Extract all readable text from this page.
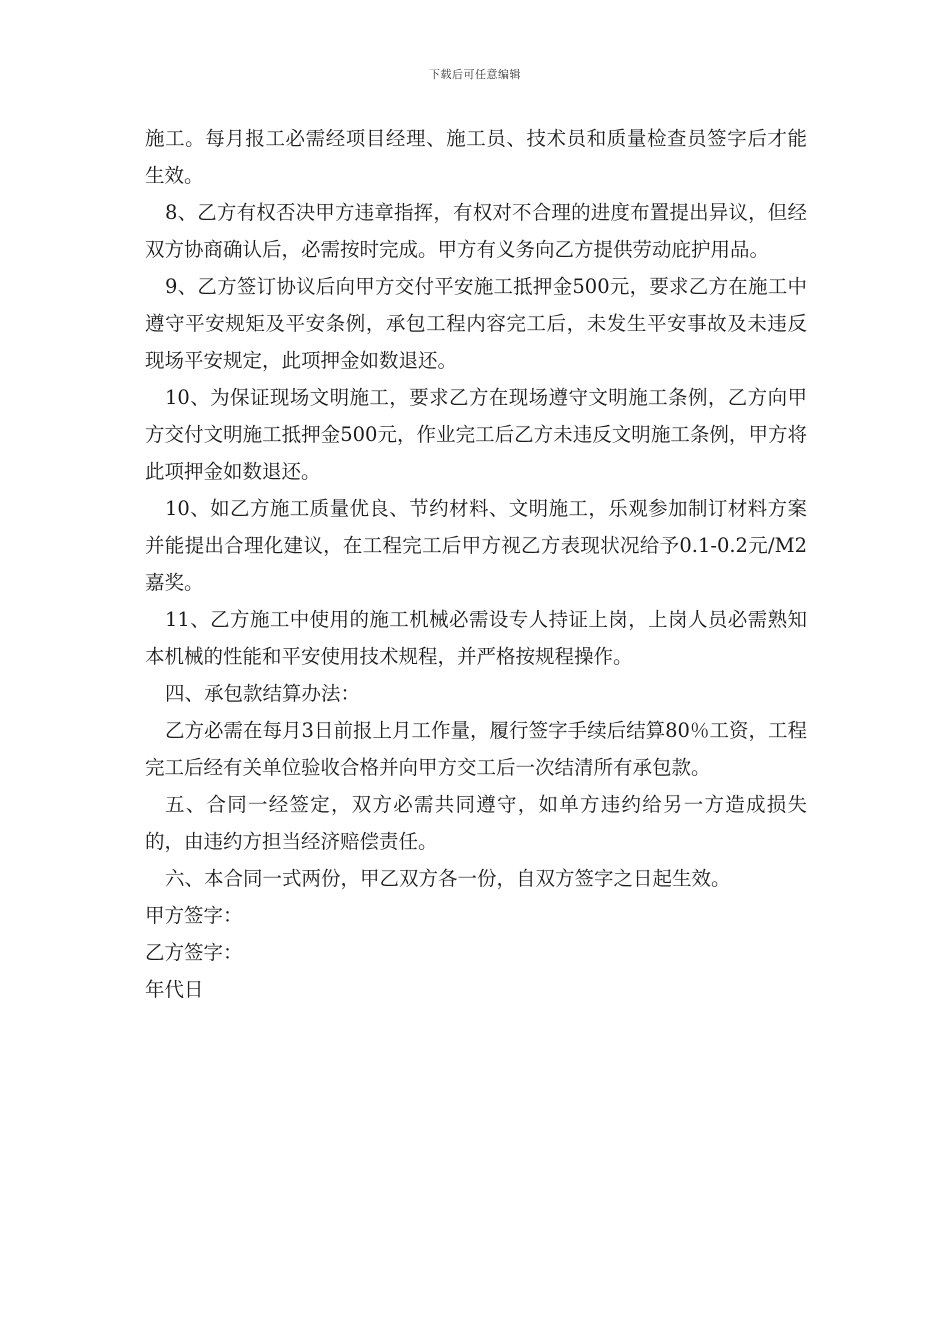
下载后可任意编辑

施工。每月报工必需经项目经理、施工员、技术员和质量检查员签字后才能生效。

8、乙方有权否决甲方违章指挥，有权对不合理的进度布置提出异议，但经双方协商确认后，必需按时完成。甲方有义务向乙方提供劳动庇护用品。

9、乙方签订协议后向甲方交付平安施工抵押金500元，要求乙方在施工中遵守平安规矩及平安条例，承包工程内容完工后，未发生平安事故及未违反现场平安规定，此项押金如数退还。

10、为保证现场文明施工，要求乙方在现场遵守文明施工条例，乙方向甲方交付文明施工抵押金500元，作业完工后乙方未违反文明施工条例，甲方将此项押金如数退还。

10、如乙方施工质量优良、节约材料、文明施工，乐观参加制订材料方案并能提出合理化建议，在工程完工后甲方视乙方表现状况给予0.1-0.2元/M2嘉奖。

11、乙方施工中使用的施工机械必需设专人持证上岗，上岗人员必需熟知本机械的性能和平安使用技术规程，并严格按规程操作。

四、承包款结算办法：

乙方必需在每月3日前报上月工作量，履行签字手续后结算80％工资，工程完工后经有关单位验收合格并向甲方交工后一次结清所有承包款。

五、合同一经签定，双方必需共同遵守，如单方违约给另一方造成损失的，由违约方担当经济赔偿责任。

六、本合同一式两份，甲乙双方各一份，自双方签字之日起生效。

甲方签字：

乙方签字：

年代日
